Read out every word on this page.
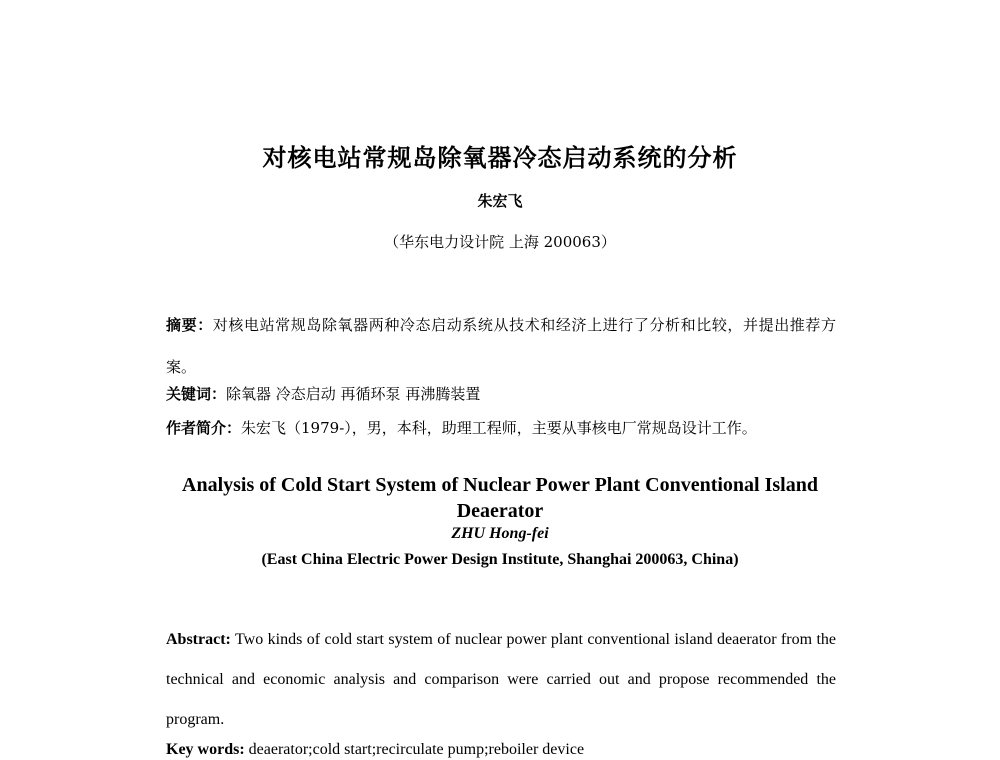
对核电站常规岛除氧器冷态启动系统的分析
朱宏飞
（华东电力设计院 上海 200063）
摘要：对核电站常规岛除氧器两种冷态启动系统从技术和经济上进行了分析和比较，并提出推荐方案。
关键词：除氧器 冷态启动 再循环泵 再沸腾装置
作者简介：朱宏飞（1979-），男，本科，助理工程师，主要从事核电厂常规岛设计工作。
Analysis of Cold Start System of Nuclear Power Plant Conventional Island Deaerator
ZHU Hong-fei
(East China Electric Power Design Institute, Shanghai 200063, China)
Abstract: Two kinds of cold start system of nuclear power plant conventional island deaerator from the technical and economic analysis and comparison were carried out and propose recommended the program.
Key words: deaerator;cold start;recirculate pump;reboiler device
